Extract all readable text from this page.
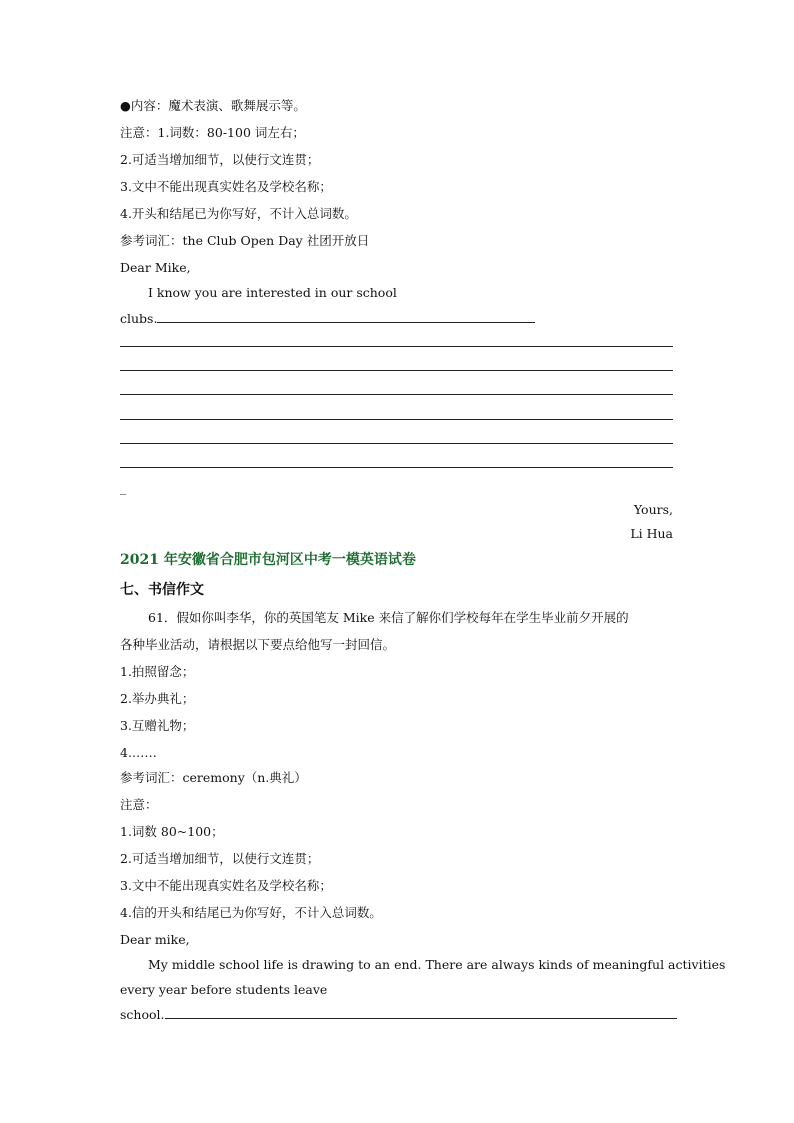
●内容：魔术表演、歌舞展示等。
注意：1.词数：80-100 词左右；
2.可适当增加细节，以使行文连贯；
3.文中不能出现真实姓名及学校名称；
4.开头和结尾已为你写好，不计入总词数。
参考词汇：the Club Open Day 社团开放日
Dear Mike,
I know you are interested in our school
clubs.
_
Yours,
Li Hua
2021 年安徽省合肥市包河区中考一模英语试卷
七、书信作文
61．假如你叫李华，你的英国笔友 Mike 来信了解你们学校每年在学生毕业前夕开展的
各种毕业活动，请根据以下要点给他写一封回信。
1.拍照留念；
2.举办典礼；
3.互赠礼物；
4.……
参考词汇：ceremony（n.典礼）
注意：
1.词数 80~100；
2.可适当增加细节，以使行文连贯；
3.文中不能出现真实姓名及学校名称；
4.信的开头和结尾已为你写好，不计入总词数。
Dear mike,
My middle school life is drawing to an end. There are always kinds of meaningful activities
every year before students leave
school.
